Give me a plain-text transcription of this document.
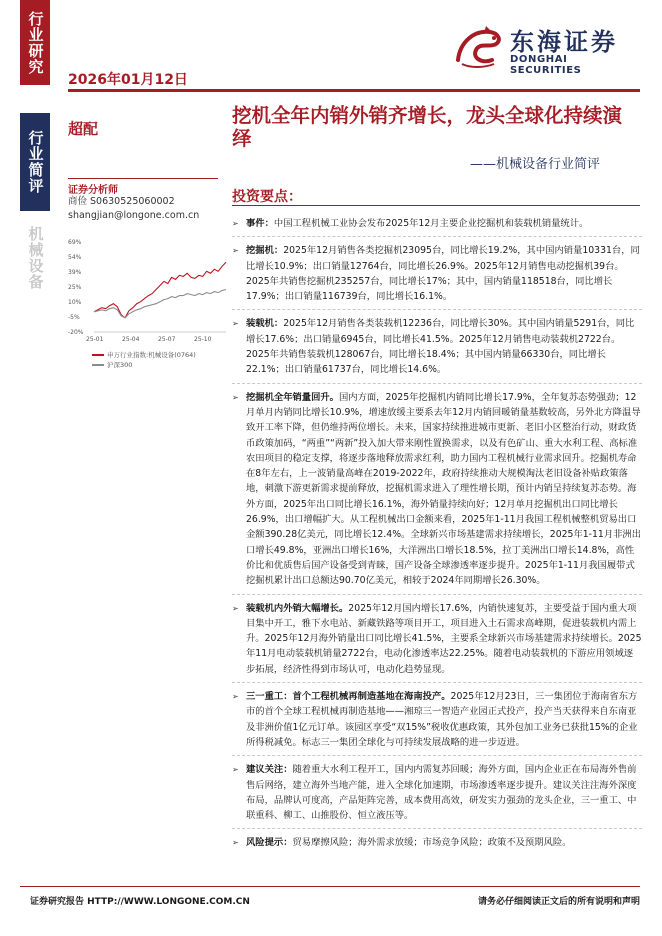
行业研究
行业简评
机械设备
2026年01月12日
东海证券
DONGHAI SECURITIES
超配
挖机全年内销外销齐增长，龙头全球化持续演绎
——机械设备行业简评
证券分析师
商俭 S0630525060002
shangjian@longone.com.cn
69%
54%
39%
25%
10%
-5%
-20%
25-01	25-04	25-07	25-10
申万行业指数:机械设备(0764)
沪深300
投资要点：
➢ 事件：中国工程机械工业协会发布2025年12月主要企业挖掘机和装载机销量统计。
➢ 挖掘机：2025年12月销售各类挖掘机23095台，同比增长19.2%，其中国内销量10331台，同比增长10.9%；出口销量12764台，同比增长26.9%。2025年12月销售电动挖掘机39台。2025年共销售挖掘机235257台，同比增长17%；其中，国内销量118518台，同比增长17.9%；出口销量116739台，同比增长16.1%。
➢ 装载机：2025年12月销售各类装载机12236台，同比增长30%。其中国内销量5291台，同比增长17.6%；出口销量6945台，同比增长41.5%。2025年12月销售电动装载机2722台。2025年共销售装载机128067台，同比增长18.4%；其中国内销量66330台，同比增长22.1%；出口销量61737台，同比增长14.6%。
➢ 挖掘机全年销量回升。国内方面，2025年挖掘机内销同比增长17.9%，全年复苏态势强劲；12月单月内销同比增长10.9%，增速放缓主要系去年12月内销回暖销量基数较高，另外北方降温导致开工率下降，但仍维持两位增长。未来，国家持续推进城市更新、老旧小区整治行动，财政货币政策加码，“两重”“两新”投入加大带来刚性置换需求，以及有色矿山、重大水利工程、高标准农田项目的稳定支撑，将逐步落地释放需求红利，助力国内工程机械行业需求回升。挖掘机寿命在8年左右，上一波销量高峰在2019-2022年，政府持续推动大规模淘汰老旧设备补贴政策落地，刺激下游更新需求提前释放，挖掘机需求进入了理性增长期，预计内销呈持续复苏态势。海外方面，2025年出口同比增长16.1%，海外销量持续向好；12月单月挖掘机出口同比增长26.9%，出口增幅扩大。从工程机械出口金额来看，2025年1-11月我国工程机械整机贸易出口金额390.28亿美元，同比增长12.4%。全球新兴市场基建需求持续增长，2025年1-11月非洲出口增长49.8%，亚洲出口增长16%，大洋洲出口增长18.5%，拉丁美洲出口增长14.8%，高性价比和优质售后国产设备受到青睐，国产设备全球渗透率逐步提升。2025年1-11月我国履带式挖掘机累计出口总额达90.70亿美元，相较于2024年同期增长26.30%。
➢ 装载机内外销大幅增长。2025年12月国内增长17.6%，内销快速复苏，主要受益于国内重大项目集中开工，雅下水电站、新藏铁路等项目开工，项目进入土石需求高峰期，促进装载机内需上升。2025年12月海外销量出口同比增长41.5%，主要系全球新兴市场基建需求持续增长。2025年11月电动装载机销量2722台，电动化渗透率达22.25%。随着电动装载机的下游应用领域逐步拓展，经济性得到市场认可，电动化趋势显现。
➢ 三一重工：首个工程机械再制造基地在海南投产。2025年12月23日，三一集团位于海南省东方市的首个全球工程机械再制造基地——湘琼三一智造产业园正式投产，投产当天获得来自东南亚及非洲价值1亿元订单。该园区享受“双15%”税收优惠政策，其外包加工业务已获批15%的企业所得税减免。标志三一集团全球化与可持续发展战略的进一步迈进。
➢ 建议关注：随着重大水利工程开工，国内内需复苏回暖；海外方面，国内企业正在布局海外售前售后网络，建立海外当地产能，进入全球化加速期，市场渗透率逐步提升。建议关注注海外深度布局，品牌认可度高，产品矩阵完善，成本费用高效，研发实力强劲的龙头企业，三一重工、中联重科、柳工、山推股份、恒立液压等。
➢ 风险提示：贸易摩擦风险；海外需求放缓；市场竞争风险；政策不及预期风险。
证券研究报告 HTTP://WWW.LONGONE.COM.CN	请务必仔细阅读正文后的所有说明和声明
